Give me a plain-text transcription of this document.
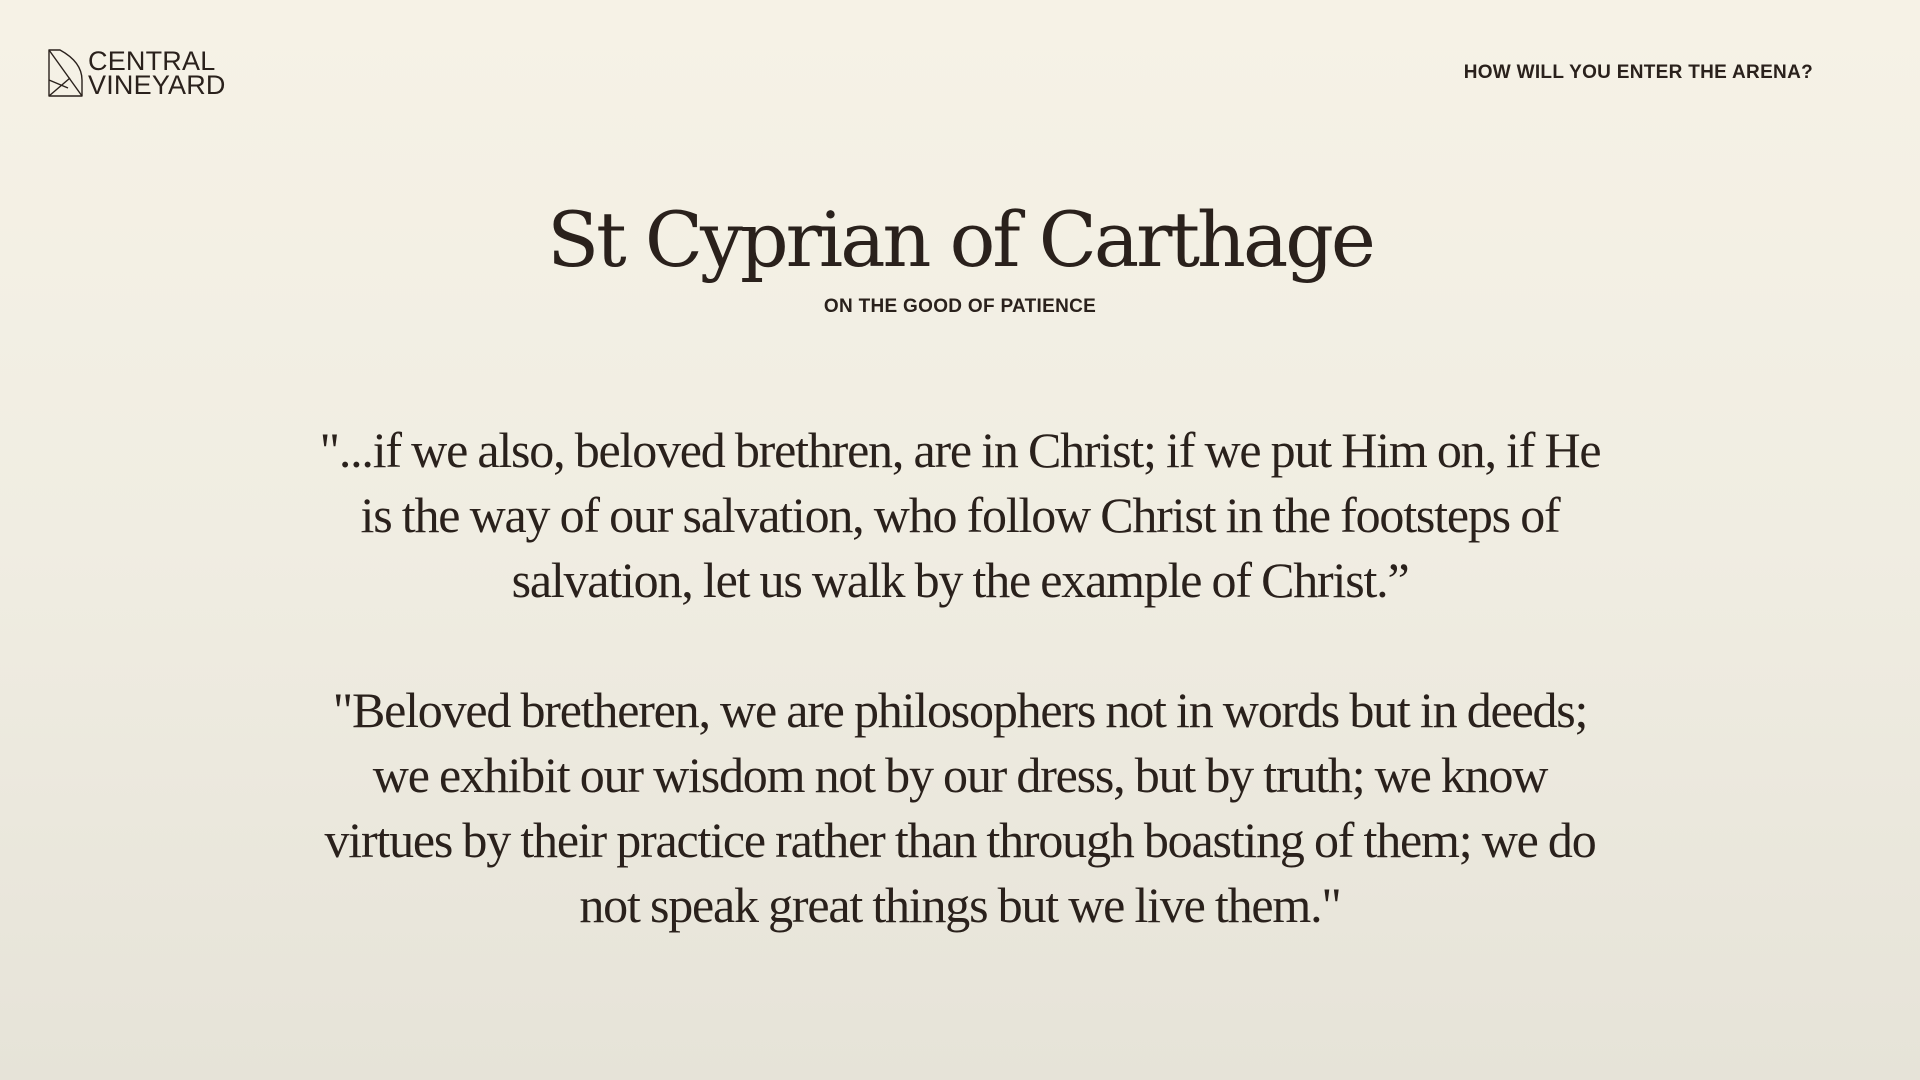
CENTRAL
VINEYARD	HOW WILL YOU ENTER THE ARENA?
St Cyprian of Carthage
ON THE GOOD OF PATIENCE

"...if we also, beloved brethren, are in Christ; if we put Him on, if He is the way of our salvation, who follow Christ in the footsteps of salvation, let us walk by the example of Christ.”

"Beloved bretheren, we are philosophers not in words but in deeds; we exhibit our wisdom not by our dress, but by truth; we know virtues by their practice rather than through boasting of them; we do not speak great things but we live them."
